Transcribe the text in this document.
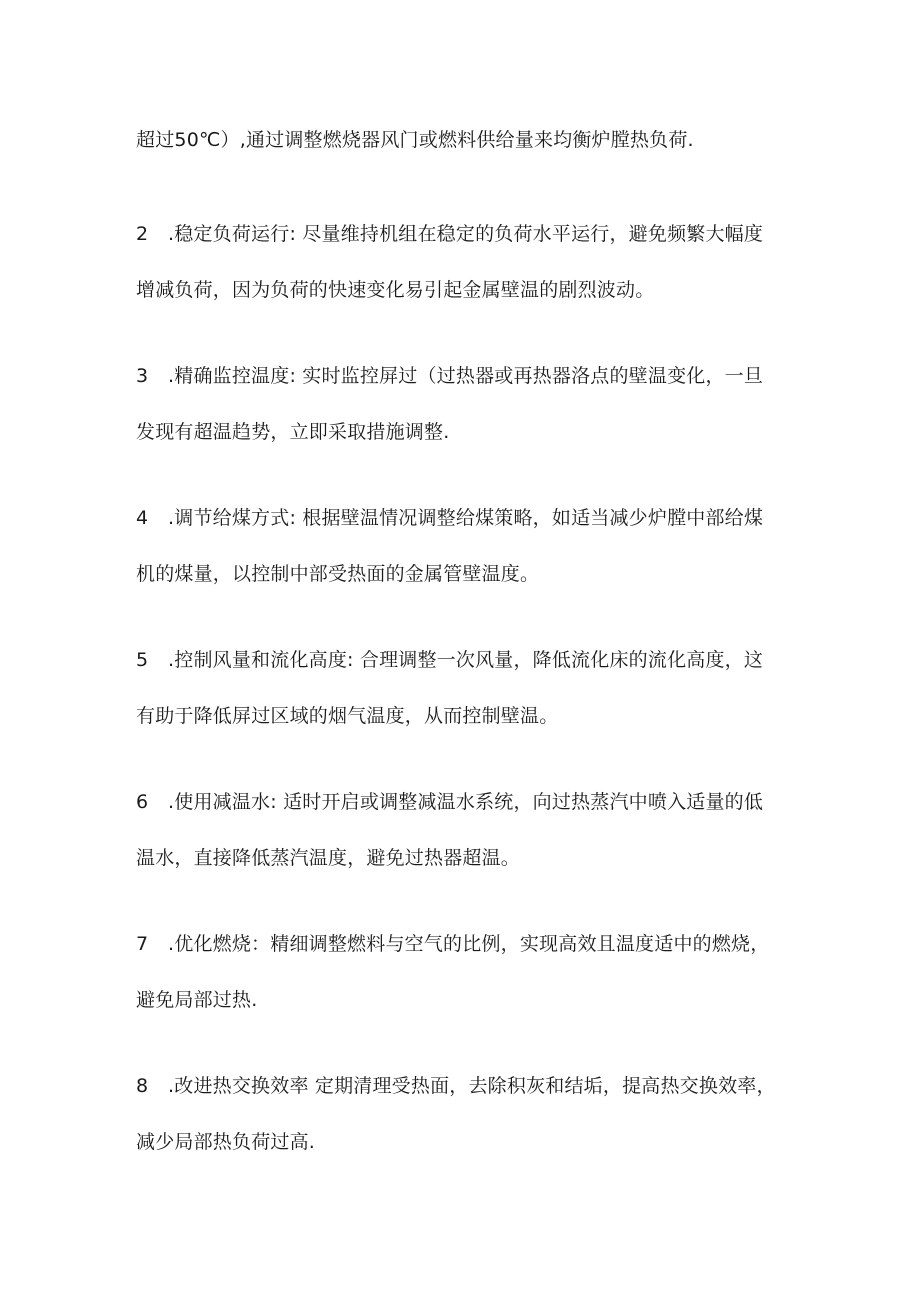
超过50℃）,通过调整燃烧器风门或燃料供给量来均衡炉膛热负荷.

2 .稳定负荷运行: 尽量维持机组在稳定的负荷水平运行，避免频繁大幅度
增减负荷，因为负荷的快速变化易引起金属壁温的剧烈波动。

3 .精确监控温度: 实时监控屏过（过热器或再热器洛点的壁温变化，一旦
发现有超温趋势，立即采取措施调整.

4 .调节给煤方式: 根据壁温情况调整给煤策略，如适当减少炉膛中部给煤
机的煤量，以控制中部受热面的金属管壁温度。

5 .控制风量和流化高度: 合理调整一次风量，降低流化床的流化高度，这
有助于降低屏过区域的烟气温度，从而控制壁温。

6 .使用减温水: 适时开启或调整减温水系统，向过热蒸汽中喷入适量的低
温水，直接降低蒸汽温度，避免过热器超温。

7 .优化燃烧：精细调整燃料与空气的比例，实现高效且温度适中的燃烧，
避免局部过热.

8 .改进热交换效率 定期清理受热面，去除积灰和结垢，提高热交换效率，
减少局部热负荷过高.
